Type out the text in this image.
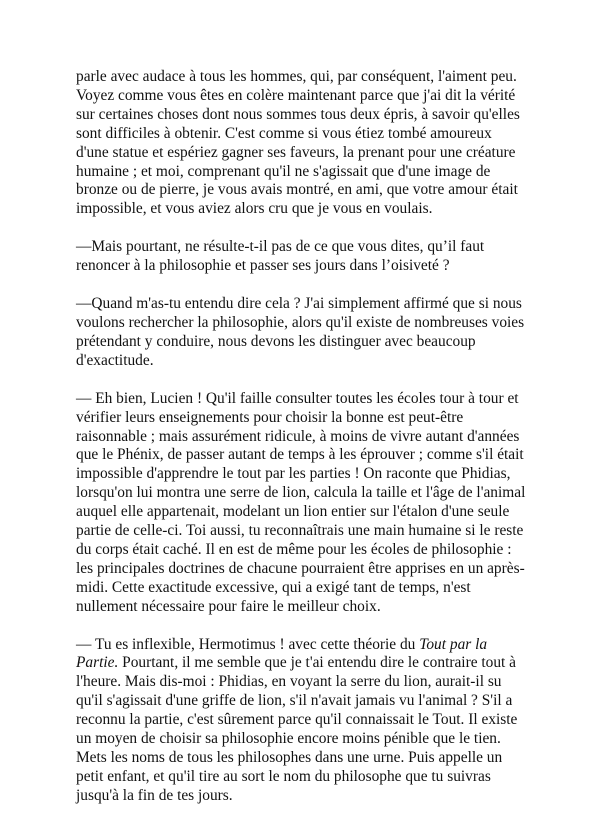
parle avec audace à tous les hommes, qui, par conséquent, l'aiment peu. Voyez comme vous êtes en colère maintenant parce que j'ai dit la vérité sur certaines choses dont nous sommes tous deux épris, à savoir qu'elles sont difficiles à obtenir. C'est comme si vous étiez tombé amoureux d'une statue et espériez gagner ses faveurs, la prenant pour une créature humaine ; et moi, comprenant qu'il ne s'agissait que d'une image de bronze ou de pierre, je vous avais montré, en ami, que votre amour était impossible, et vous aviez alors cru que je vous en voulais.

—Mais pourtant, ne résulte-t-il pas de ce que vous dites, qu’il faut renoncer à la philosophie et passer ses jours dans l’oisiveté ?

—Quand m'as-tu entendu dire cela ? J'ai simplement affirmé que si nous voulons rechercher la philosophie, alors qu'il existe de nombreuses voies prétendant y conduire, nous devons les distinguer avec beaucoup d'exactitude.

— Eh bien, Lucien ! Qu'il faille consulter toutes les écoles tour à tour et vérifier leurs enseignements pour choisir la bonne est peut-être raisonnable ; mais assurément ridicule, à moins de vivre autant d'années que le Phénix, de passer autant de temps à les éprouver ; comme s'il était impossible d'apprendre le tout par les parties ! On raconte que Phidias, lorsqu'on lui montra une serre de lion, calcula la taille et l'âge de l'animal auquel elle appartenait, modelant un lion entier sur l'étalon d'une seule partie de celle-ci. Toi aussi, tu reconnaîtrais une main humaine si le reste du corps était caché. Il en est de même pour les écoles de philosophie : les principales doctrines de chacune pourraient être apprises en un après-midi. Cette exactitude excessive, qui a exigé tant de temps, n'est nullement nécessaire pour faire le meilleur choix.

— Tu es inflexible, Hermotimus ! avec cette théorie du Tout par la Partie. Pourtant, il me semble que je t'ai entendu dire le contraire tout à l'heure. Mais dis-moi : Phidias, en voyant la serre du lion, aurait-il su qu'il s'agissait d'une griffe de lion, s'il n'avait jamais vu l'animal ? S'il a reconnu la partie, c'est sûrement parce qu'il connaissait le Tout. Il existe un moyen de choisir sa philosophie encore moins pénible que le tien. Mets les noms de tous les philosophes dans une urne. Puis appelle un petit enfant, et qu'il tire au sort le nom du philosophe que tu suivras jusqu'à la fin de tes jours.
